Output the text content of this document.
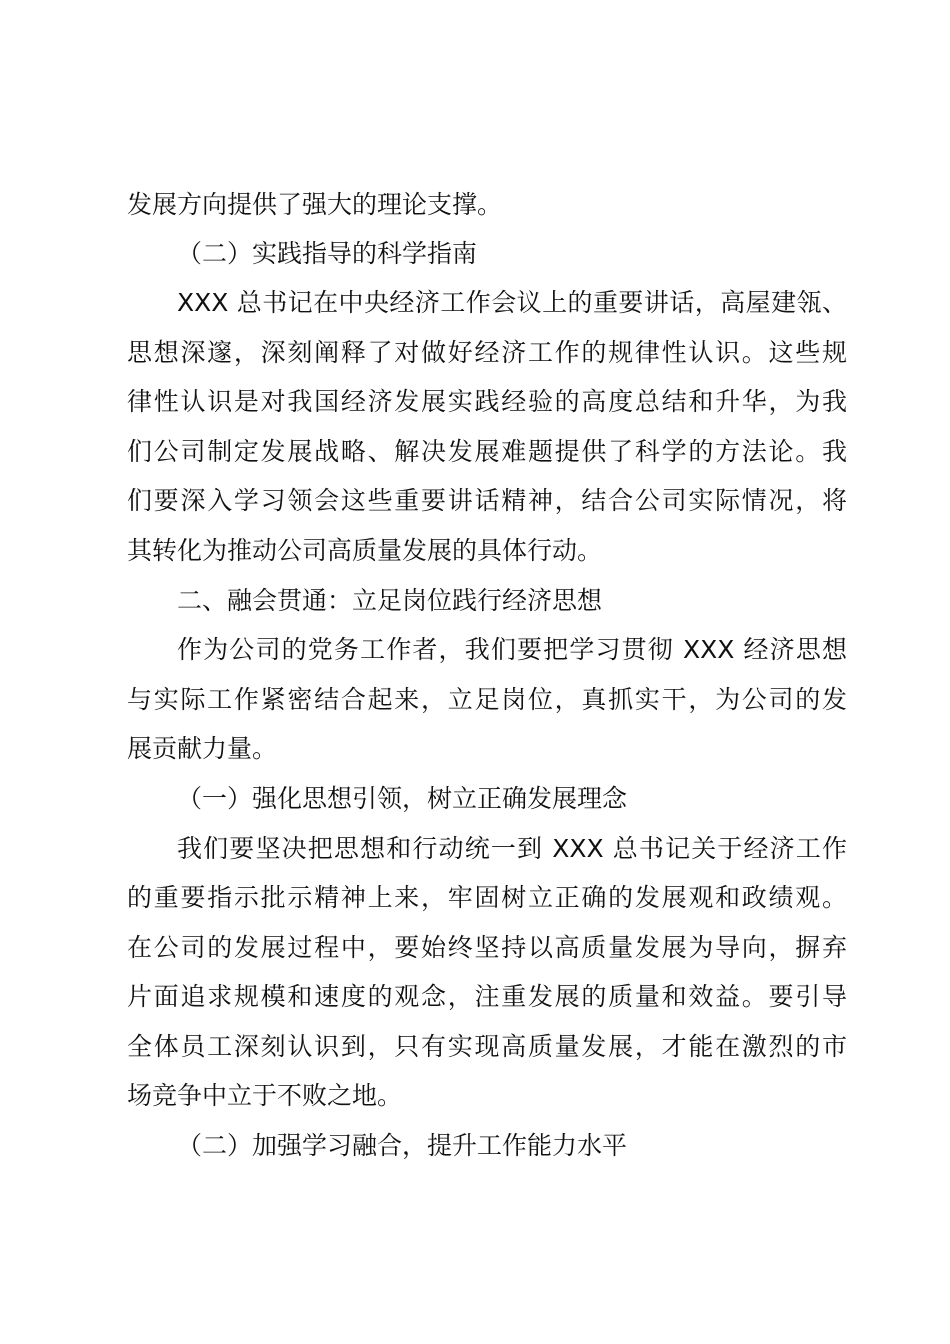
发展方向提供了强大的理论支撑。
（二）实践指导的科学指南
XXX 总书记在中央经济工作会议上的重要讲话，高屋建瓴、
思想深邃，深刻阐释了对做好经济工作的规律性认识。这些规
律性认识是对我国经济发展实践经验的高度总结和升华，为我
们公司制定发展战略、解决发展难题提供了科学的方法论。我
们要深入学习领会这些重要讲话精神，结合公司实际情况，将
其转化为推动公司高质量发展的具体行动。
二、融会贯通：立足岗位践行经济思想
作为公司的党务工作者，我们要把学习贯彻 XXX 经济思想
与实际工作紧密结合起来，立足岗位，真抓实干，为公司的发
展贡献力量。
（一）强化思想引领，树立正确发展理念
我们要坚决把思想和行动统一到 XXX 总书记关于经济工作
的重要指示批示精神上来，牢固树立正确的发展观和政绩观。
在公司的发展过程中，要始终坚持以高质量发展为导向，摒弃
片面追求规模和速度的观念，注重发展的质量和效益。要引导
全体员工深刻认识到，只有实现高质量发展，才能在激烈的市
场竞争中立于不败之地。
（二）加强学习融合，提升工作能力水平
